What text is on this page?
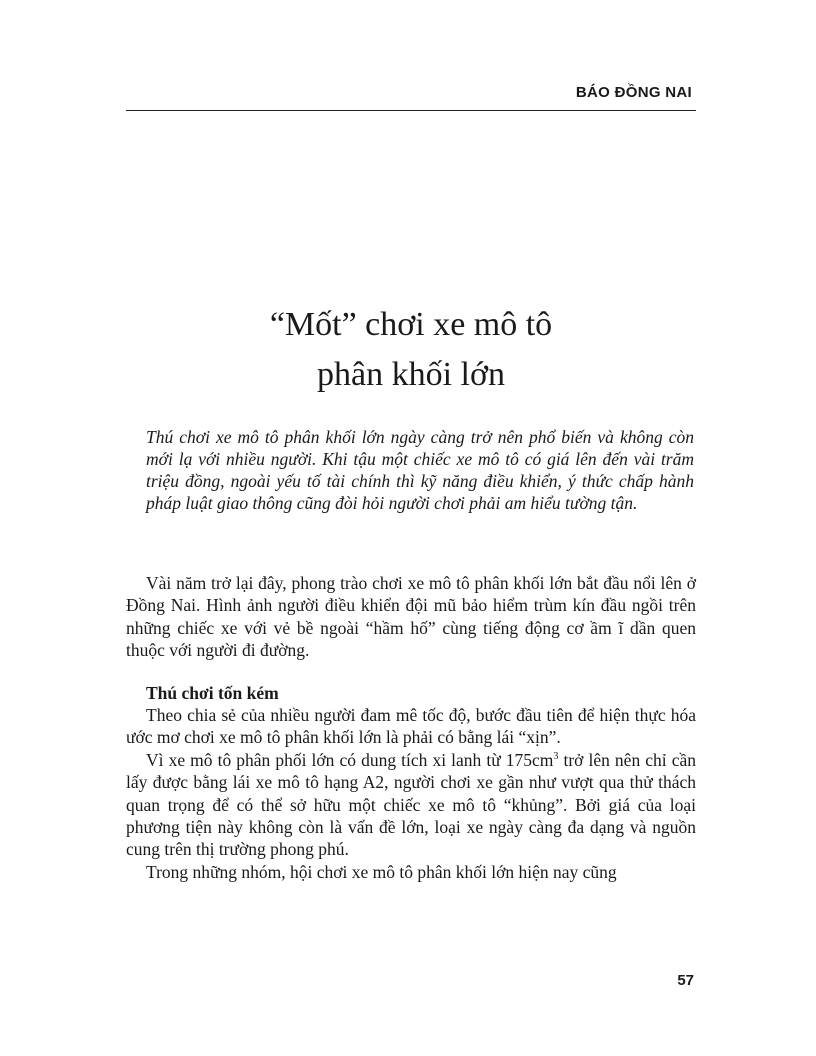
BÁO ĐỒNG NAI
“Mốt” chơi xe mô tô
phân khối lớn

Thú chơi xe mô tô phân khối lớn ngày càng trở nên phổ biến và không còn mới lạ với nhiều người. Khi tậu một chiếc xe mô tô có giá lên đến vài trăm triệu đồng, ngoài yếu tố tài chính thì kỹ năng điều khiển, ý thức chấp hành pháp luật giao thông cũng đòi hỏi người chơi phải am hiểu tường tận.

Vài năm trở lại đây, phong trào chơi xe mô tô phân khối lớn bắt đầu nổi lên ở Đồng Nai. Hình ảnh người điều khiển đội mũ bảo hiểm trùm kín đầu ngồi trên những chiếc xe với vẻ bề ngoài “hầm hố” cùng tiếng động cơ ầm ĩ dần quen thuộc với người đi đường.

Thú chơi tốn kém

Theo chia sẻ của nhiều người đam mê tốc độ, bước đầu tiên để hiện thực hóa ước mơ chơi xe mô tô phân khối lớn là phải có bằng lái “xịn”.

Vì xe mô tô phân phối lớn có dung tích xi lanh từ $175cm^3$ trở lên nên chỉ cần lấy được bằng lái xe mô tô hạng A2, người chơi xe gần như vượt qua thử thách quan trọng để có thể sở hữu một chiếc xe mô tô “khủng”. Bởi giá của loại phương tiện này không còn là vấn đề lớn, loại xe ngày càng đa dạng và nguồn cung trên thị trường phong phú.

Trong những nhóm, hội chơi xe mô tô phân khối lớn hiện nay cũng

57
